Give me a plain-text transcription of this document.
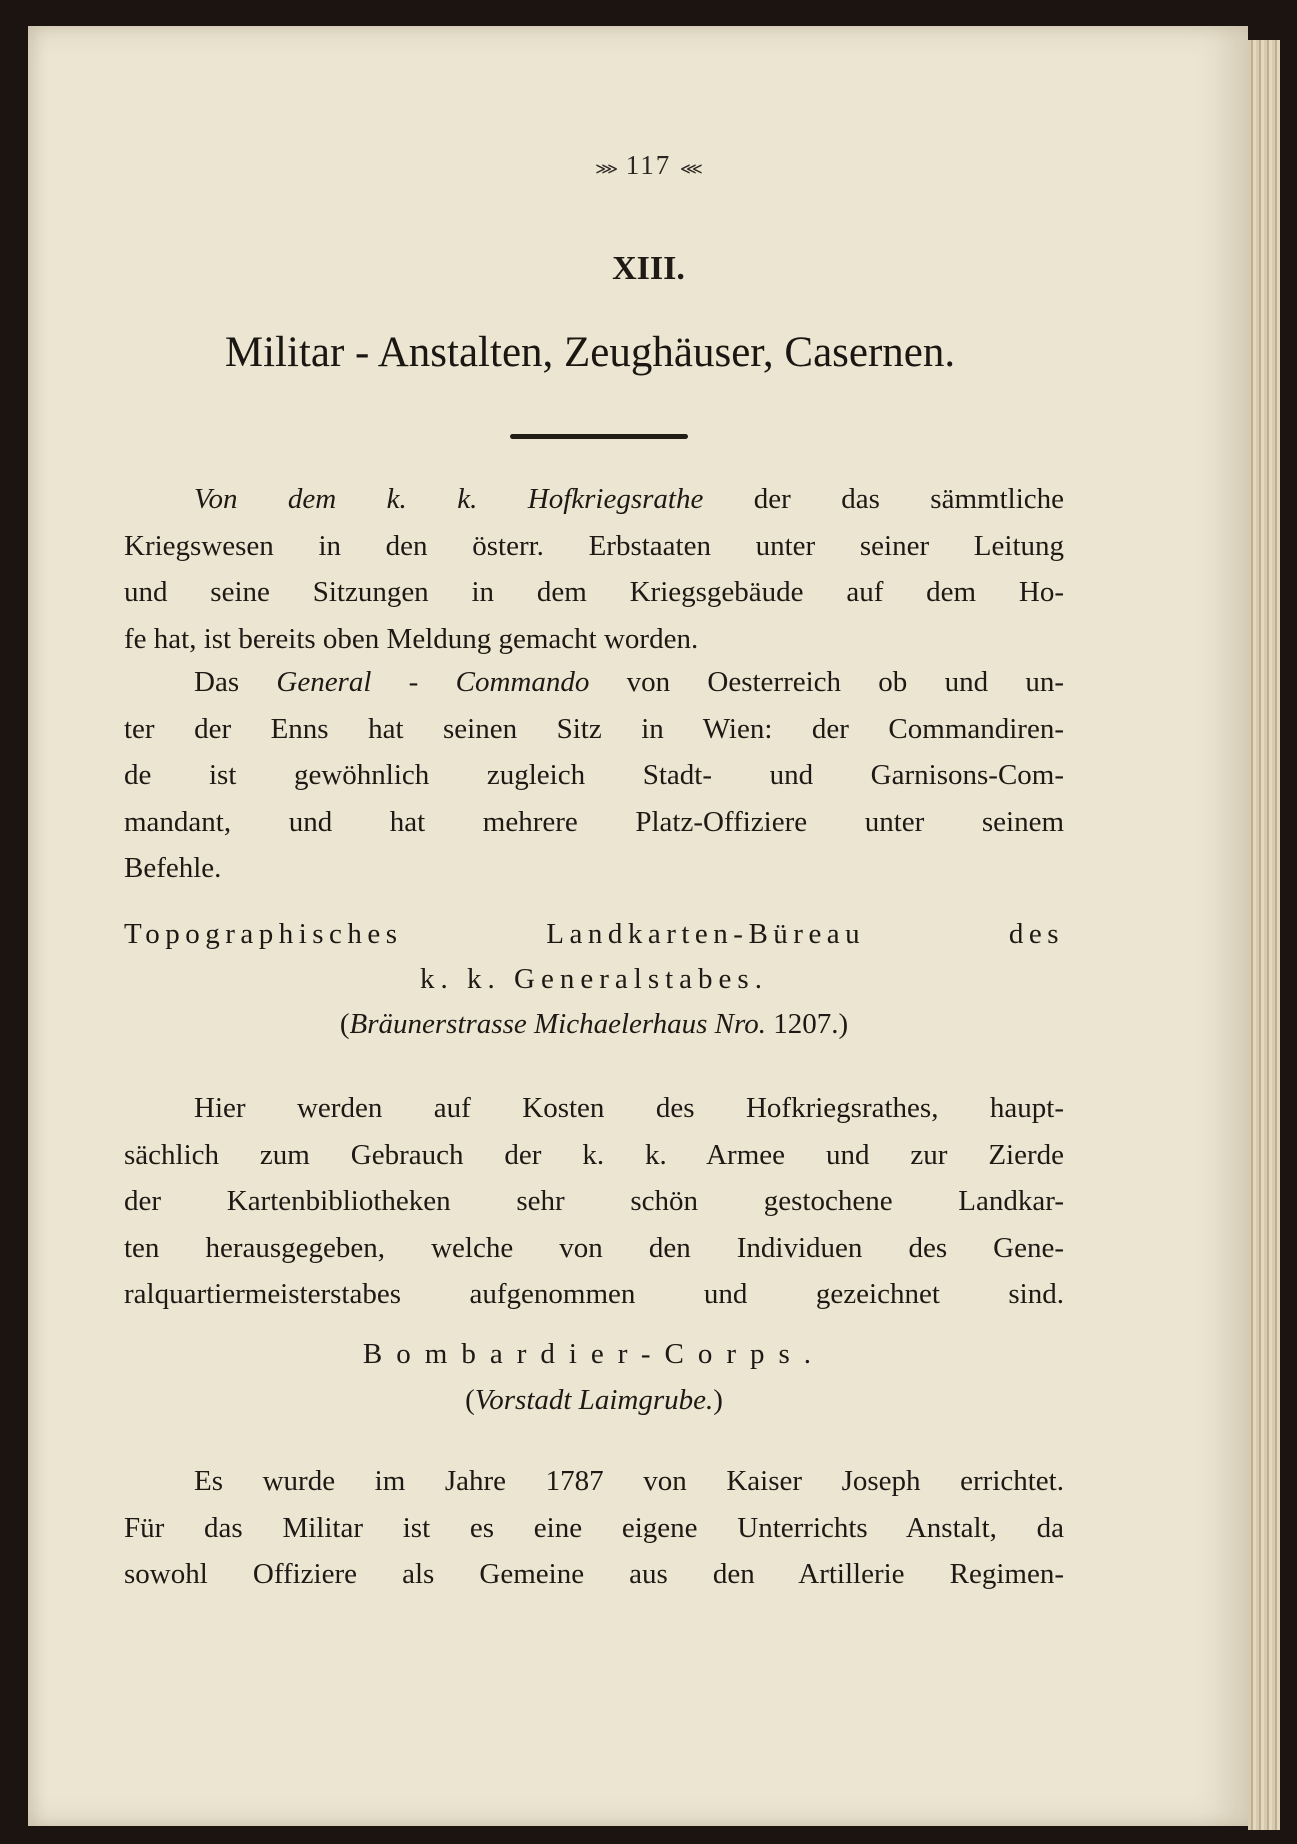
⋙ 117 ⋘
XIII.
Militar - Anstalten, Zeughäuser, Casernen.
Von dem k. k. Hofkriegsrathe der das sämmtliche
Kriegswesen in den österr. Erbstaaten unter seiner Leitung
und seine Sitzungen in dem Kriegsgebäude auf dem Ho-
fe hat, ist bereits oben Meldung gemacht worden.
Das General - Commando von Oesterreich ob und un-
ter der Enns hat seinen Sitz in Wien: der Commandiren-
de ist gewöhnlich zugleich Stadt- und Garnisons-Com-
mandant, und hat mehrere Platz-Offiziere unter seinem
Befehle.
Topographisches Landkarten-Büreau des
k. k. Generalstabes.
(Bräunerstrasse Michaelerhaus Nro. 1207.)
Hier werden auf Kosten des Hofkriegsrathes, haupt-
sächlich zum Gebrauch der k. k. Armee und zur Zierde
der Kartenbibliotheken sehr schön gestochene Landkar-
ten herausgegeben, welche von den Individuen des Gene-
ralquartiermeisterstabes aufgenommen und gezeichnet sind.
Bombardier-Corps.
(Vorstadt Laimgrube.)
Es wurde im Jahre 1787 von Kaiser Joseph errichtet.
Für das Militar ist es eine eigene Unterrichts Anstalt, da
sowohl Offiziere als Gemeine aus den Artillerie Regimen-
